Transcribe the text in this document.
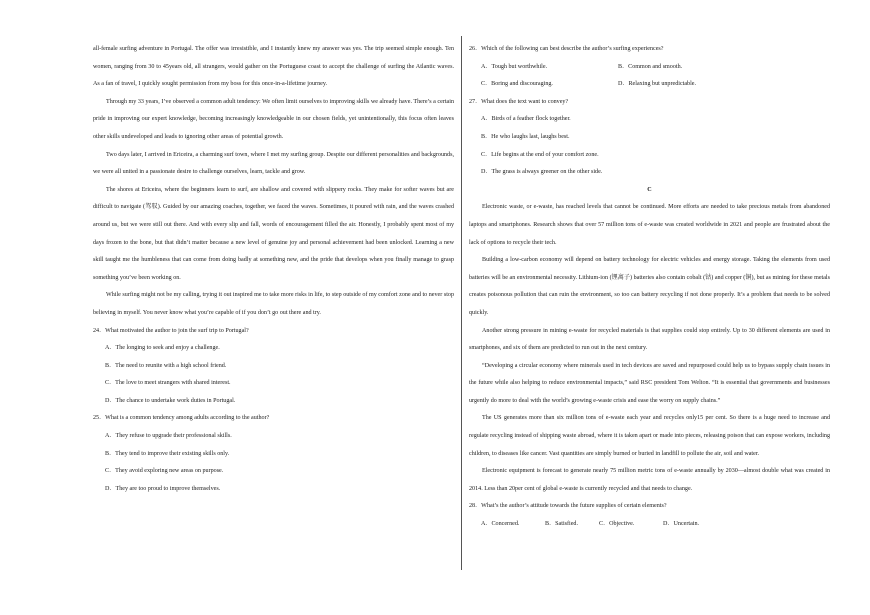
all-female surfing adventure in Portugal. The offer was irresistible, and I instantly knew my answer was yes. The trip seemed simple enough. Ten women, ranging from 30 to 45years old, all strangers, would gather on the Portuguese coast to accept the challenge of surfing the Atlantic waves. As a fan of travel, I quickly sought permission from my boss for this once-in-a-lifetime journey.

Through my 33 years, I’ve observed a common adult tendency: We often limit ourselves to improving skills we already have. There’s a certain pride in improving our expert knowledge, becoming increasingly knowledgeable in our chosen fields, yet unintentionally, this focus often leaves other skills undeveloped and leads to ignoring other areas of potential growth.

Two days later, I arrived in Ericeira, a charming surf town, where I met my surfing group. Despite our different personalities and backgrounds, we were all united in a passionate desire to challenge ourselves, learn, tackle and grow.

The shores at Ericeira, where the beginners learn to surf, are shallow and covered with slippery rocks. They make for softer waves but are difficult to navigate (驾驭). Guided by our amazing coaches, together, we faced the waves. Sometimes, it poured with rain, and the waves crashed around us, but we were still out there. And with every slip and fall, words of encouragement filled the air. Honestly, I probably spent most of my days frozen to the bone, but that didn’t matter because a new level of genuine joy and personal achievement had been unlocked. Learning a new skill taught me the humbleness that can come from doing badly at something new, and the pride that develops when you finally manage to grasp something you’ve been working on.

While surfing might not be my calling, trying it out inspired me to take more risks in life, to step outside of my comfort zone and to never stop believing in myself. You never know what you’re capable of if you don’t go out there and try.

24．What motivated the author to join the surf trip to Portugal?

A．The longing to seek and enjoy a challenge.

B．The need to reunite with a high school friend.

C．The love to meet strangers with shared interest.

D．The chance to undertake work duties in Portugal.

25．What is a common tendency among adults according to the author?

A．They refuse to upgrade their professional skills.

B．They tend to improve their existing skills only.

C．They avoid exploring new areas on purpose.

D．They are too proud to improve themselves.

26．Which of the following can best describe the author’s surfing experiences?

A．Tough but worthwhile.	B．Common and smooth.
C．Boring and discouraging.	D．Relaxing but unpredictable.

27．What does the text want to convey?

A．Birds of a feather flock together.

B．He who laughs last, laughs best.

C．Life begins at the end of your comfort zone.

D．The grass is always greener on the other side.

C

Electronic waste, or e-waste, has reached levels that cannot be continued. More efforts are needed to take precious metals from abandoned laptops and smartphones. Research shows that over 57 million tons of e-waste was created worldwide in 2021 and people are frustrated about the lack of options to recycle their tech.

Building a low-carbon economy will depend on battery technology for electric vehicles and energy storage. Taking the elements from used batteries will be an environmental necessity. Lithium-ion (锂离子) batteries also contain cobalt (钴) and copper (铜), but as mining for these metals creates poisonous pollution that can ruin the environment, so too can battery recycling if not done properly. It’s a problem that needs to be solved quickly.

Another strong pressure in mining e-waste for recycled materials is that supplies could stop entirely. Up to 30 different elements are used in smartphones, and six of them are predicted to run out in the next century.

“Developing a circular economy where minerals used in tech devices are saved and repurposed could help us to bypass supply chain issues in the future while also helping to reduce environmental impacts,” said RSC president Tom Welton. “It is essential that governments and businesses urgently do more to deal with the world’s growing e-waste crisis and ease the worry on supply chains.”

The US generates more than six million tons of e-waste each year and recycles only15 per cent. So there is a huge need to increase and regulate recycling instead of shipping waste abroad, where it is taken apart or made into pieces, releasing poison that can expose workers, including children, to diseases like cancer. Vast quantities are simply burned or buried in landfill to pollute the air, soil and water.

Electronic equipment is forecast to generate nearly 75 million metric tons of e-waste annually by 2030—almost double what was created in 2014. Less than 20per cent of global e-waste is currently recycled and that needs to change.

28．What’s the author’s attitude towards the future supplies of certain elements?

A．Concerned.	B．Satisfied.	C．Objective.	D．Uncertain.
